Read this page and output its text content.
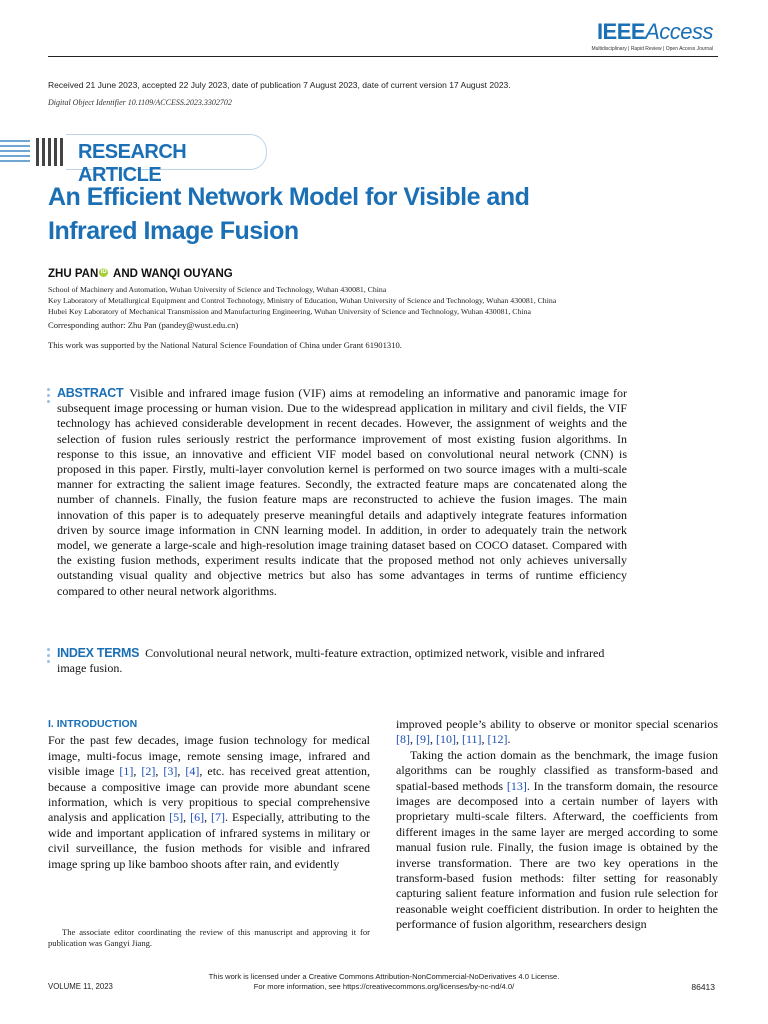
IEEEAccess
Multidisciplinary | Rapid Review | Open Access Journal
Received 21 June 2023, accepted 22 July 2023, date of publication 7 August 2023, date of current version 17 August 2023.
Digital Object Identifier 10.1109/ACCESS.2023.3302702
RESEARCH ARTICLE
An Efficient Network Model for Visible and Infrared Image Fusion
ZHU PAN iD AND WANQI OUYANG
School of Machinery and Automation, Wuhan University of Science and Technology, Wuhan 430081, China
Key Laboratory of Metallurgical Equipment and Control Technology, Ministry of Education, Wuhan University of Science and Technology, Wuhan 430081, China
Hubei Key Laboratory of Mechanical Transmission and Manufacturing Engineering, Wuhan University of Science and Technology, Wuhan 430081, China
Corresponding author: Zhu Pan (pandey@wust.edu.cn)
This work was supported by the National Natural Science Foundation of China under Grant 61901310.
ABSTRACT Visible and infrared image fusion (VIF) aims at remodeling an informative and panoramic image for subsequent image processing or human vision. Due to the widespread application in military and civil fields, the VIF technology has achieved considerable development in recent decades. However, the assignment of weights and the selection of fusion rules seriously restrict the performance improvement of most existing fusion algorithms. In response to this issue, an innovative and efficient VIF model based on convolutional neural network (CNN) is proposed in this paper. Firstly, multi-layer convolution kernel is performed on two source images with a multi-scale manner for extracting the salient image features. Secondly, the extracted feature maps are concatenated along the number of channels. Finally, the fusion feature maps are reconstructed to achieve the fusion images. The main innovation of this paper is to adequately preserve meaningful details and adaptively integrate features information driven by source image information in CNN learning model. In addition, in order to adequately train the network model, we generate a large-scale and high-resolution image training dataset based on COCO dataset. Compared with the existing fusion methods, experiment results indicate that the proposed method not only achieves universally outstanding visual quality and objective metrics but also has some advantages in terms of runtime efficiency compared to other neural network algorithms.
INDEX TERMS Convolutional neural network, multi-feature extraction, optimized network, visible and infrared image fusion.
I. INTRODUCTION

For the past few decades, image fusion technology for medical image, multi-focus image, remote sensing image, infrared and visible image [1], [2], [3], [4], etc. has received great attention, because a compositive image can provide more abundant scene information, which is very propitious to special comprehensive analysis and application [5], [6], [7]. Especially, attributing to the wide and important application of infrared systems in military or civil surveillance, the fusion methods for visible and infrared image spring up like bamboo shoots after rain, and evidently

The associate editor coordinating the review of this manuscript and approving it for publication was Gangyi Jiang.

improved people’s ability to observe or monitor special scenarios [8], [9], [10], [11], [12].

Taking the action domain as the benchmark, the image fusion algorithms can be roughly classified as transform-based and spatial-based methods [13]. In the transform domain, the resource images are decomposed into a certain number of layers with proprietary multi-scale filters. Afterward, the coefficients from different images in the same layer are merged according to some manual fusion rule. Finally, the fusion image is obtained by the inverse transformation. There are two key operations in the transform-based fusion methods: filter setting for reasonably capturing salient feature information and fusion rule selection for reasonable weight coefficient distribution. In order to heighten the performance of fusion algorithm, researchers design

This work is licensed under a Creative Commons Attribution-NonCommercial-NoDerivatives 4.0 License.
For more information, see https://creativecommons.org/licenses/by-nc-nd/4.0/
VOLUME 11, 2023	86413
